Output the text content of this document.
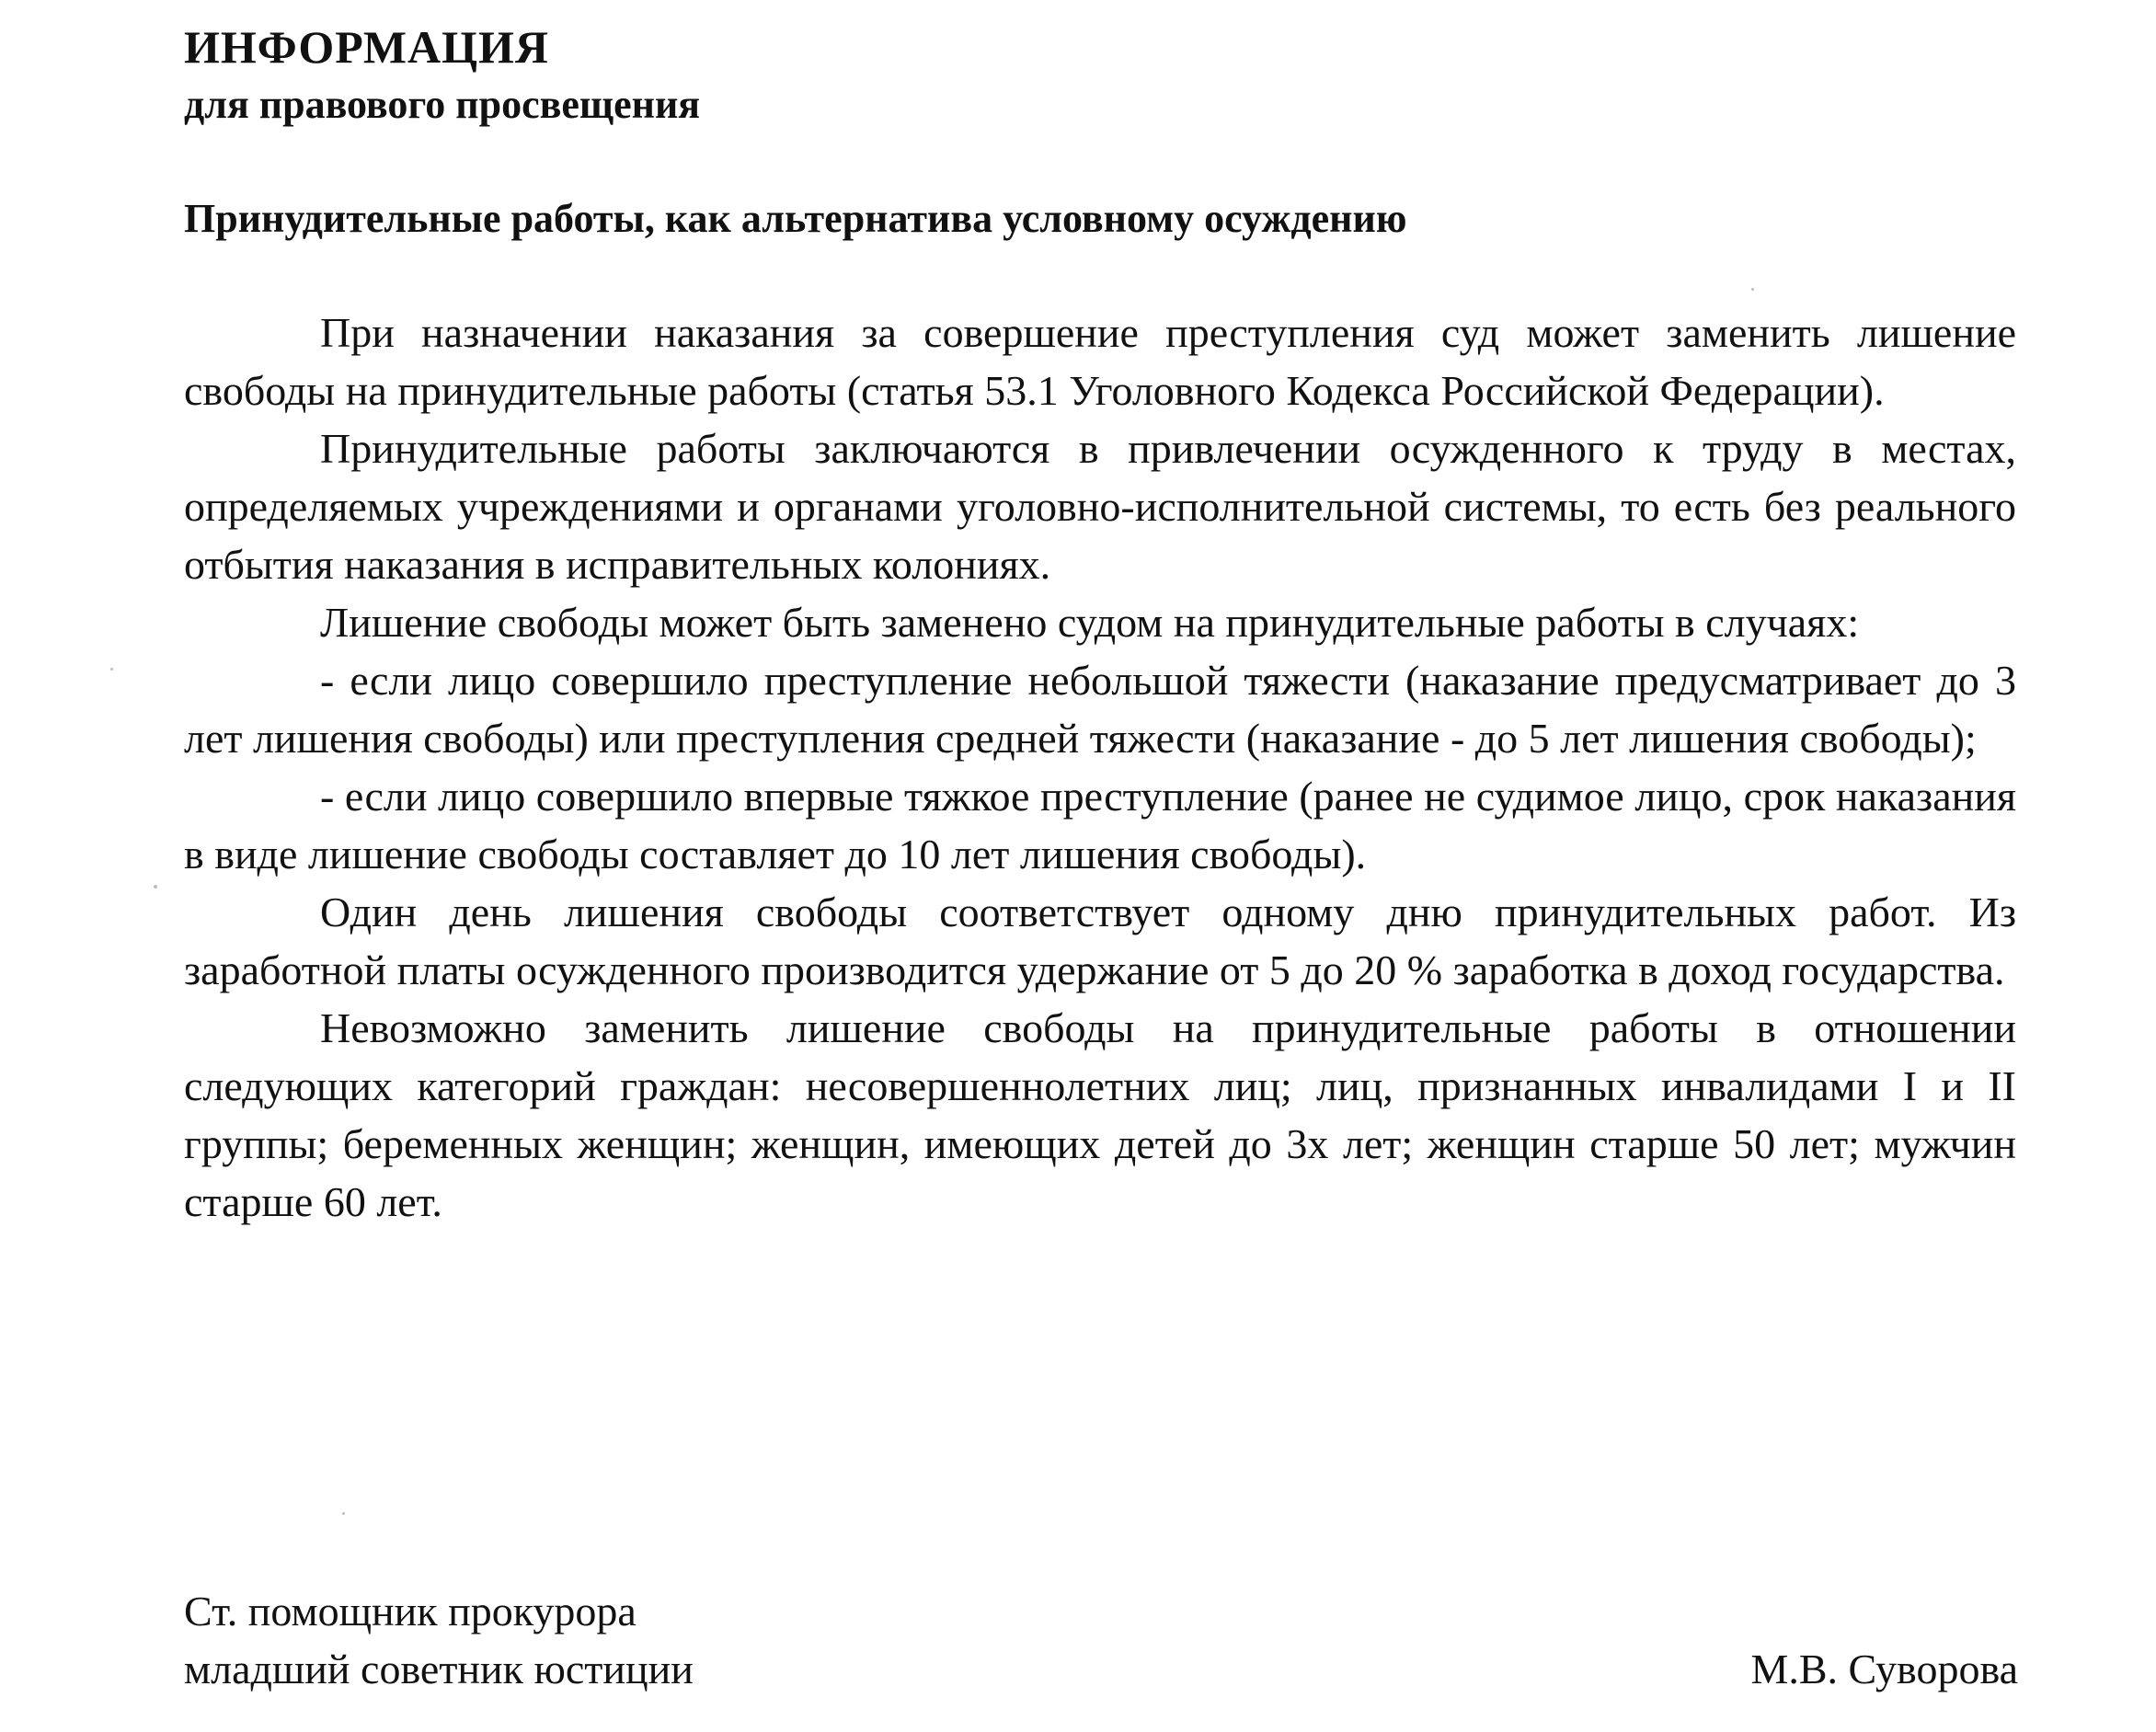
ИНФОРМАЦИЯ
для правового просвещения
Принудительные работы, как альтернатива условному осуждению

При назначении наказания за совершение преступления суд может заменить лишение свободы на принудительные работы (статья 53.1 Уголовного Кодекса Российской Федерации).

Принудительные работы заключаются в привлечении осужденного к труду в местах, определяемых учреждениями и органами уголовно-исполнительной системы, то есть без реального отбытия наказания в исправительных колониях.

Лишение свободы может быть заменено судом на принудительные работы в случаях:

- если лицо совершило преступление небольшой тяжести (наказание предусматривает до 3 лет лишения свободы) или преступления средней тяжести (наказание - до 5 лет лишения свободы);

- если лицо совершило впервые тяжкое преступление (ранее не судимое лицо, срок наказания в виде лишение свободы составляет до 10 лет лишения свободы).

Один день лишения свободы соответствует одному дню принудительных работ. Из заработной платы осужденного производится удержание от 5 до 20 % заработка в доход государства.

Невозможно заменить лишение свободы на принудительные работы в отношении следующих категорий граждан: несовершеннолетних лиц; лиц, признанных инвалидами I и II группы; беременных женщин; женщин, имеющих детей до 3х лет; женщин старше 50 лет; мужчин старше 60 лет.

Ст. помощник прокурора
младший советник юстиции	М.В. Суворова
